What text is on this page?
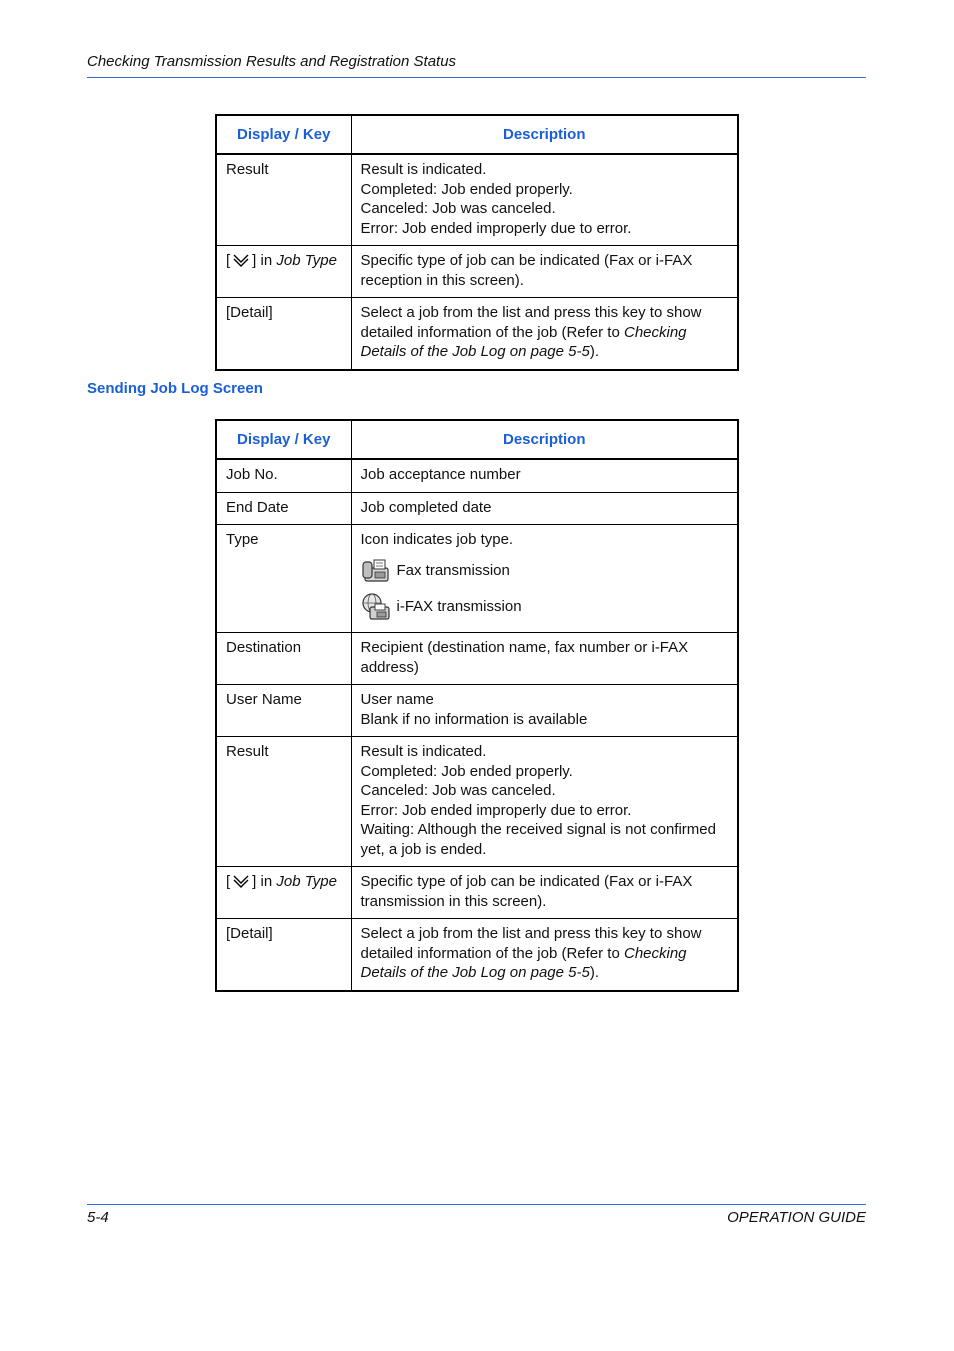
Checking Transmission Results and Registration Status
Display / Key	Description
Result	Result is indicated.
Completed: Job ended properly.
Canceled: Job was canceled.
Error: Job ended improperly due to error.

[ ] in Job Type	Specific type of job can be indicated (Fax or i-FAX reception in this screen).
[Detail]	Select a job from the list and press this key to show detailed information of the job (Refer to Checking Details of the Job Log on page 5-5).
Sending Job Log Screen
Display / Key	Description
Job No.	Job acceptance number
End Date	Job completed date
Type	Icon indicates job type.
Fax transmission
i-FAX transmission

Destination	Recipient (destination name, fax number or i-FAX address)
User Name	User name
Blank if no information is available

Result	Result is indicated.
Completed: Job ended properly.
Canceled: Job was canceled.
Error: Job ended improperly due to error.
Waiting: Although the received signal is not confirmed yet, a job is ended.

[ ] in Job Type	Specific type of job can be indicated (Fax or i-FAX transmission in this screen).
[Detail]	Select a job from the list and press this key to show detailed information of the job (Refer to Checking Details of the Job Log on page 5-5).
5-4	OPERATION GUIDE
